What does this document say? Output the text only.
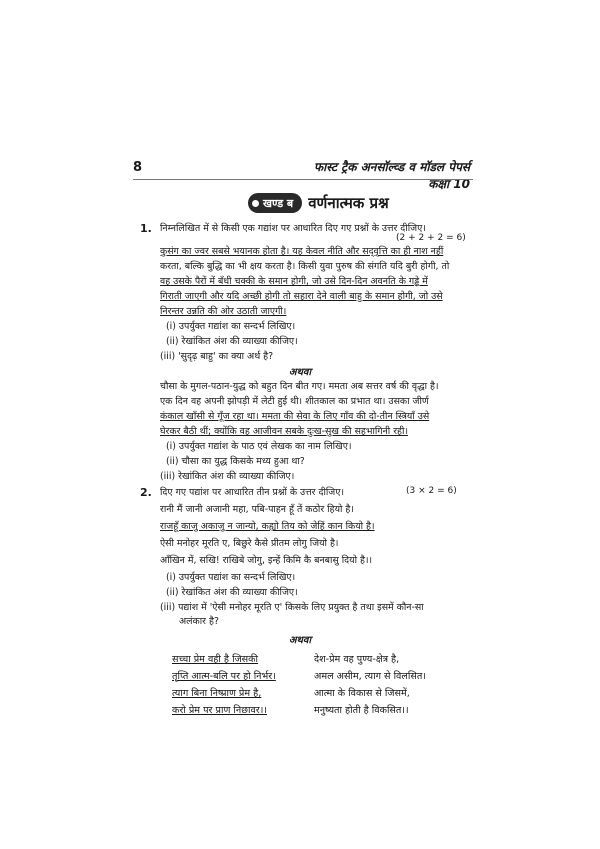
8	फास्ट ट्रैक अनसॉल्व्ड व मॉडल पेपर्स कक्षा 10
खण्ड ब वर्णनात्मक प्रश्न
1. निम्नलिखित में से किसी एक गद्यांश पर आधारित दिए गए प्रश्नों के उत्तर दीजिए।
(2 + 2 + 2 = 6)
कुसंग का ज्वर सबसे भयानक होता है। यह केवल नीति और सद्‌वृत्ति का ही नाश नहीं
करता, बल्कि बुद्धि का भी क्षय करता है। किसी युवा पुरुष की संगति यदि बुरी होगी, तो
वह उसके पैरों में बँधी चक्की के समान होगी, जो उसे दिन-दिन अवनति के गड्ढे में
गिराती जाएगी और यदि अच्छी होगी तो सहारा देने वाली बाहु के समान होगी, जो उसे
निरन्तर उन्नति की ओर उठाती जाएगी।
(i) उपर्युक्त गद्यांश का सन्दर्भ लिखिए।
(ii) रेखांकित अंश की व्याख्या कीजिए।
(iii) 'सुदृढ़ बाहु' का क्या अर्थ है?
अथवा
चौसा के मुगल-पठान-युद्ध को बहुत दिन बीत गए। ममता अब सत्तर वर्ष की वृद्धा है।
एक दिन वह अपनी झोपड़ी में लेटी हुई थी। शीतकाल का प्रभात था। उसका जीर्ण
कंकाल खाँसी से गूँज रहा था। ममता की सेवा के लिए गाँव की दो-तीन स्त्रियाँ उसे
घेरकर बैठी थीं; क्योंकि वह आजीवन सबके दुःख-सुख की सहभागिनी रही।
(i) उपर्युक्त गद्यांश के पाठ एवं लेखक का नाम लिखिए।
(ii) चौसा का युद्ध किसके मध्य हुआ था?
(iii) रेखांकित अंश की व्याख्या कीजिए।
2. दिए गए पद्यांश पर आधारित तीन प्रश्नों के उत्तर दीजिए।	(3 × 2 = 6)
रानी मैं जानी अजानी महा, पबि-पाहन हूँ तें कठोर हियो है।
राजहूँ काजु अकाजु न जान्यो, कह्यो तिय को जेहिं कान कियो है।
ऐसी मनोहर मूरति ए, बिछुरे कैसे प्रीतम लोगु जियो है।
आँखिन में, सखि! राखिबे जोगु, इन्हें किमि कै बनबासु दियो है।।
(i) उपर्युक्त पद्यांश का सन्दर्भ लिखिए।
(ii) रेखांकित अंश की व्याख्या कीजिए।
(iii) पद्यांश में 'ऐसी मनोहर मूरति ए' किसके लिए प्रयुक्त है तथा इसमें कौन-सा
अलंकार है?
अथवा
सच्चा प्रेम वही है जिसकी
तृप्ति आत्म-बलि पर हो निर्भर।
त्याग बिना निष्प्राण प्रेम है,
करो प्रेम पर प्राण निछावर।।
देश-प्रेम वह पुण्य-क्षेत्र है,
अमल असीम, त्याग से विलसित।
आत्मा के विकास से जिसमें,
मनुष्यता होती है विकसित।।
